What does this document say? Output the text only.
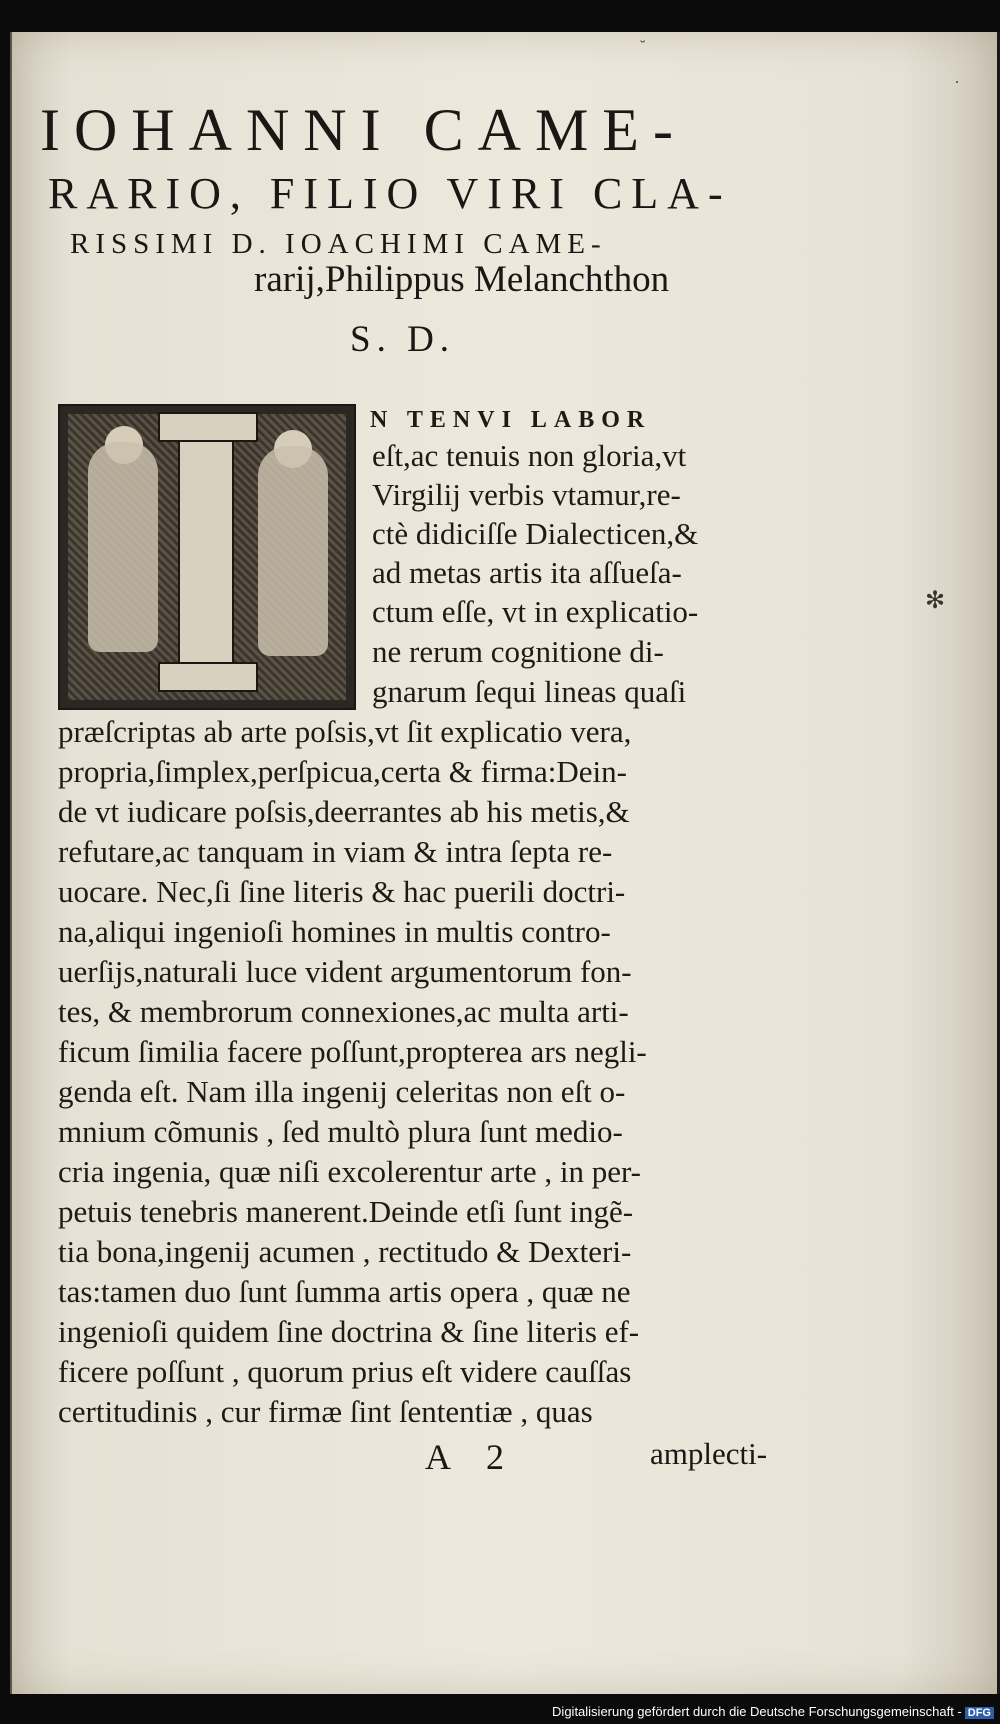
.
˘
✻
IOHANNI CAME-
RARIO, FILIO VIRI CLA-
RISSIMI D. IOACHIMI CAME-
rarij,Philippus Melanchthon
S. D.
N TENVI LABOR
eſt,ac tenuis non gloria,vt
Virgilij verbis vtamur,re-
ctè didiciſſe Dialecticen,&
ad metas artis ita aſſueſa-
ctum eſſe, vt in explicatio-
ne rerum cognitione di-
gnarum ſequi lineas quaſi
præſcriptas ab arte poſsis,vt ſit explicatio vera,
propria,ſimplex,perſpicua,certa & firma:Dein-
de vt iudicare poſsis,deerrantes ab his metis,&
refutare,ac tanquam in viam & intra ſepta re-
uocare. Nec,ſi ſine literis & hac puerili doctri-
na,aliqui ingenioſi homines in multis contro-
uerſijs,naturali luce vident argumentorum fon-
tes, & membrorum connexiones,ac multa arti-
ficum ſimilia facere poſſunt,propterea ars negli-
genda eſt. Nam illa ingenij celeritas non eſt o-
mnium cõmunis , ſed multò plura ſunt medio-
cria ingenia, quæ niſi excolerentur arte , in per-
petuis tenebris manerent.Deinde etſi ſunt ingẽ-
tia bona,ingenij acumen , rectitudo & Dexteri-
tas:tamen duo ſunt ſumma artis opera , quæ ne
ingenioſi quidem ſine doctrina & ſine literis ef-
ficere poſſunt , quorum prius eſt videre cauſſas
certitudinis , cur firmæ ſint ſententiæ , quas
A 2	amplecti-
Digitalisierung gefördert durch die Deutsche Forschungsgemeinschaft - DFG
